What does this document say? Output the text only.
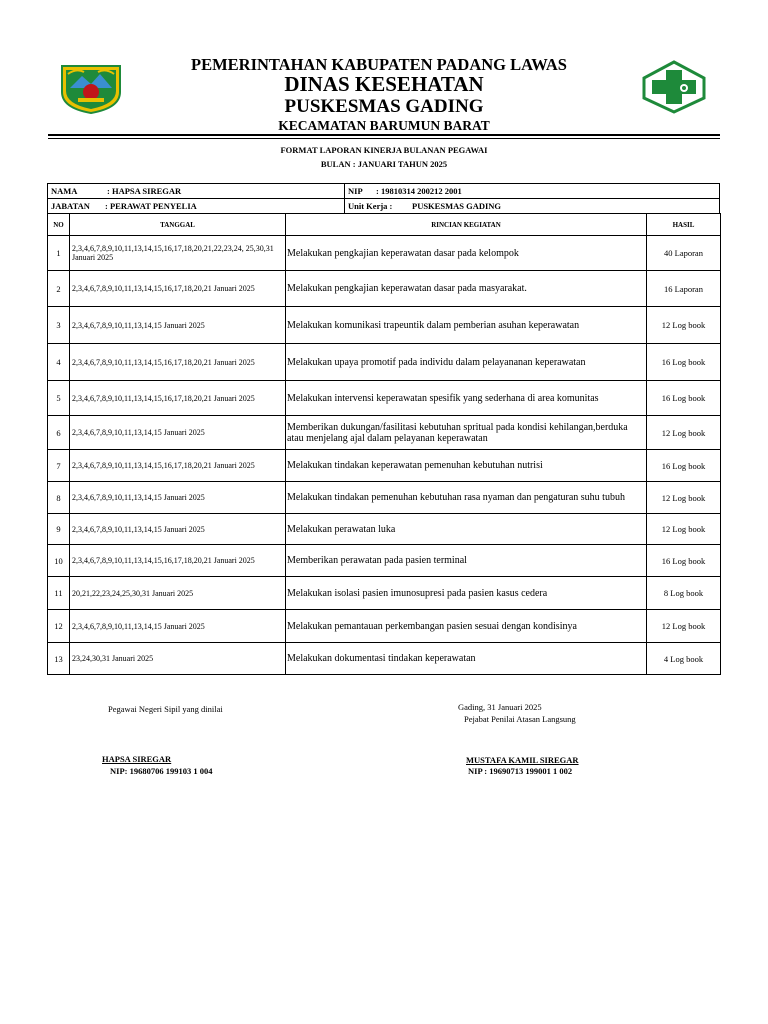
PEMERINTAHAN KABUPATEN PADANG LAWAS
DINAS KESEHATAN
PUSKESMAS GADING
KECAMATAN BARUMUN BARAT
FORMAT LAPORAN KINERJA BULANAN PEGAWAI
BULAN : JANUARI TAHUN 2025
NAMA : HAPSA SIREGAR	NIP : 19810314 200212 2001
JABATAN : PERAWAT PENYELIA	Unit Kerja : PUSKESMAS GADING
NO	TANGGAL	RINCIAN KEGIATAN	HASIL
1	2,3,4,6,7,8,9,10,11,13,14,15,16,17,18,20,21,22,23,24, 25,30,31 Januari 2025	Melakukan pengkajian keperawatan dasar pada kelompok	40 Laporan
2	2,3,4,6,7,8,9,10,11,13,14,15,16,17,18,20,21 Januari 2025	Melakukan pengkajian keperawatan dasar pada masyarakat.	16 Laporan
3	2,3,4,6,7,8,9,10,11,13,14,15 Januari 2025	Melakukan komunikasi trapeuntik dalam pemberian asuhan keperawatan	12 Log book
4	2,3,4,6,7,8,9,10,11,13,14,15,16,17,18,20,21 Januari 2025	Melakukan upaya promotif pada individu dalam pelayananan keperawatan	16 Log book
5	2,3,4,6,7,8,9,10,11,13,14,15,16,17,18,20,21 Januari 2025	Melakukan intervensi keperawatan spesifik yang sederhana di area komunitas	16 Log book
6	2,3,4,6,7,8,9,10,11,13,14,15 Januari 2025	Memberikan dukungan/fasilitasi kebutuhan spritual pada kondisi kehilangan,berduka atau menjelang ajal dalam pelayanan keperawatan	12 Log book
7	2,3,4,6,7,8,9,10,11,13,14,15,16,17,18,20,21 Januari 2025	Melakukan tindakan keperawatan pemenuhan kebutuhan nutrisi	16 Log book
8	2,3,4,6,7,8,9,10,11,13,14,15 Januari 2025	Melakukan tindakan pemenuhan kebutuhan rasa nyaman dan pengaturan suhu tubuh	12 Log book
9	2,3,4,6,7,8,9,10,11,13,14,15 Januari 2025	Melakukan perawatan luka	12 Log book
10	2,3,4,6,7,8,9,10,11,13,14,15,16,17,18,20,21 Januari 2025	Memberikan perawatan pada pasien terminal	16 Log book
11	20,21,22,23,24,25,30,31 Januari 2025	Melakukan isolasi pasien imunosupresi pada pasien kasus cedera	8 Log book
12	2,3,4,6,7,8,9,10,11,13,14,15 Januari 2025	Melakukan pemantauan perkembangan pasien sesuai dengan kondisinya	12 Log book
13	23,24,30,31 Januari 2025	Melakukan dokumentasi tindakan keperawatan	4 Log book
Pegawai Negeri Sipil yang dinilai
HAPSA SIREGAR
NIP: 19680706 199103 1 004
Gading, 31 Januari 2025
Pejabat Penilai Atasan Langsung
MUSTAFA KAMIL SIREGAR
NIP : 19690713 199001 1 002
